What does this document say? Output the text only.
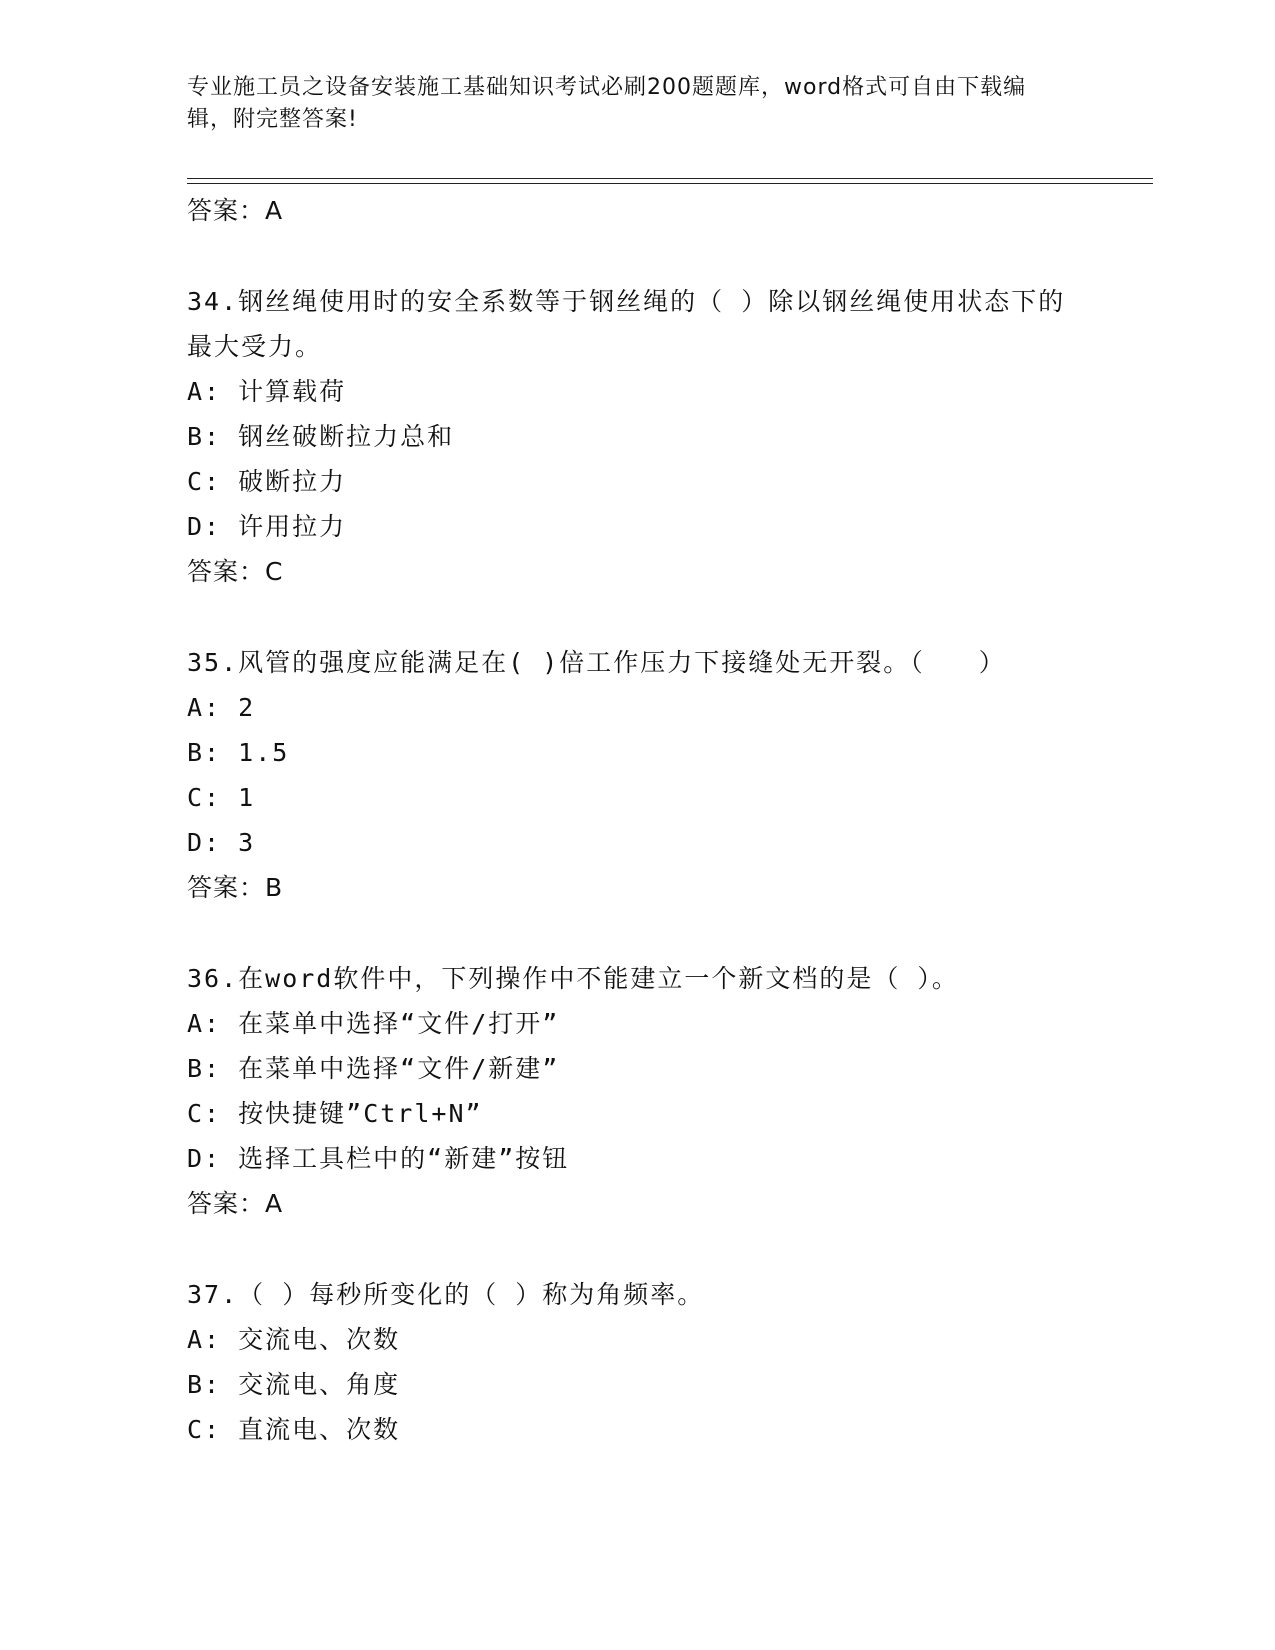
专业施工员之设备安装施工基础知识考试必刷200题题库，word格式可自由下载编辑，附完整答案!
答案：A
34.钢丝绳使用时的安全系数等于钢丝绳的（ ）除以钢丝绳使用状态下的最大受力。
A: 计算载荷
B: 钢丝破断拉力总和
C: 破断拉力
D: 许用拉力
答案：C
35.风管的强度应能满足在( )倍工作压力下接缝处无开裂。（　　）
A: 2
B: 1.5
C: 1
D: 3
答案：B
36.在word软件中，下列操作中不能建立一个新文档的是（ ）。
A: 在菜单中选择“文件/打开”
B: 在菜单中选择“文件/新建”
C: 按快捷键”Ctrl+N”
D: 选择工具栏中的“新建”按钮
答案：A
37.（ ）每秒所变化的（ ）称为角频率。
A: 交流电、次数
B: 交流电、角度
C: 直流电、次数
